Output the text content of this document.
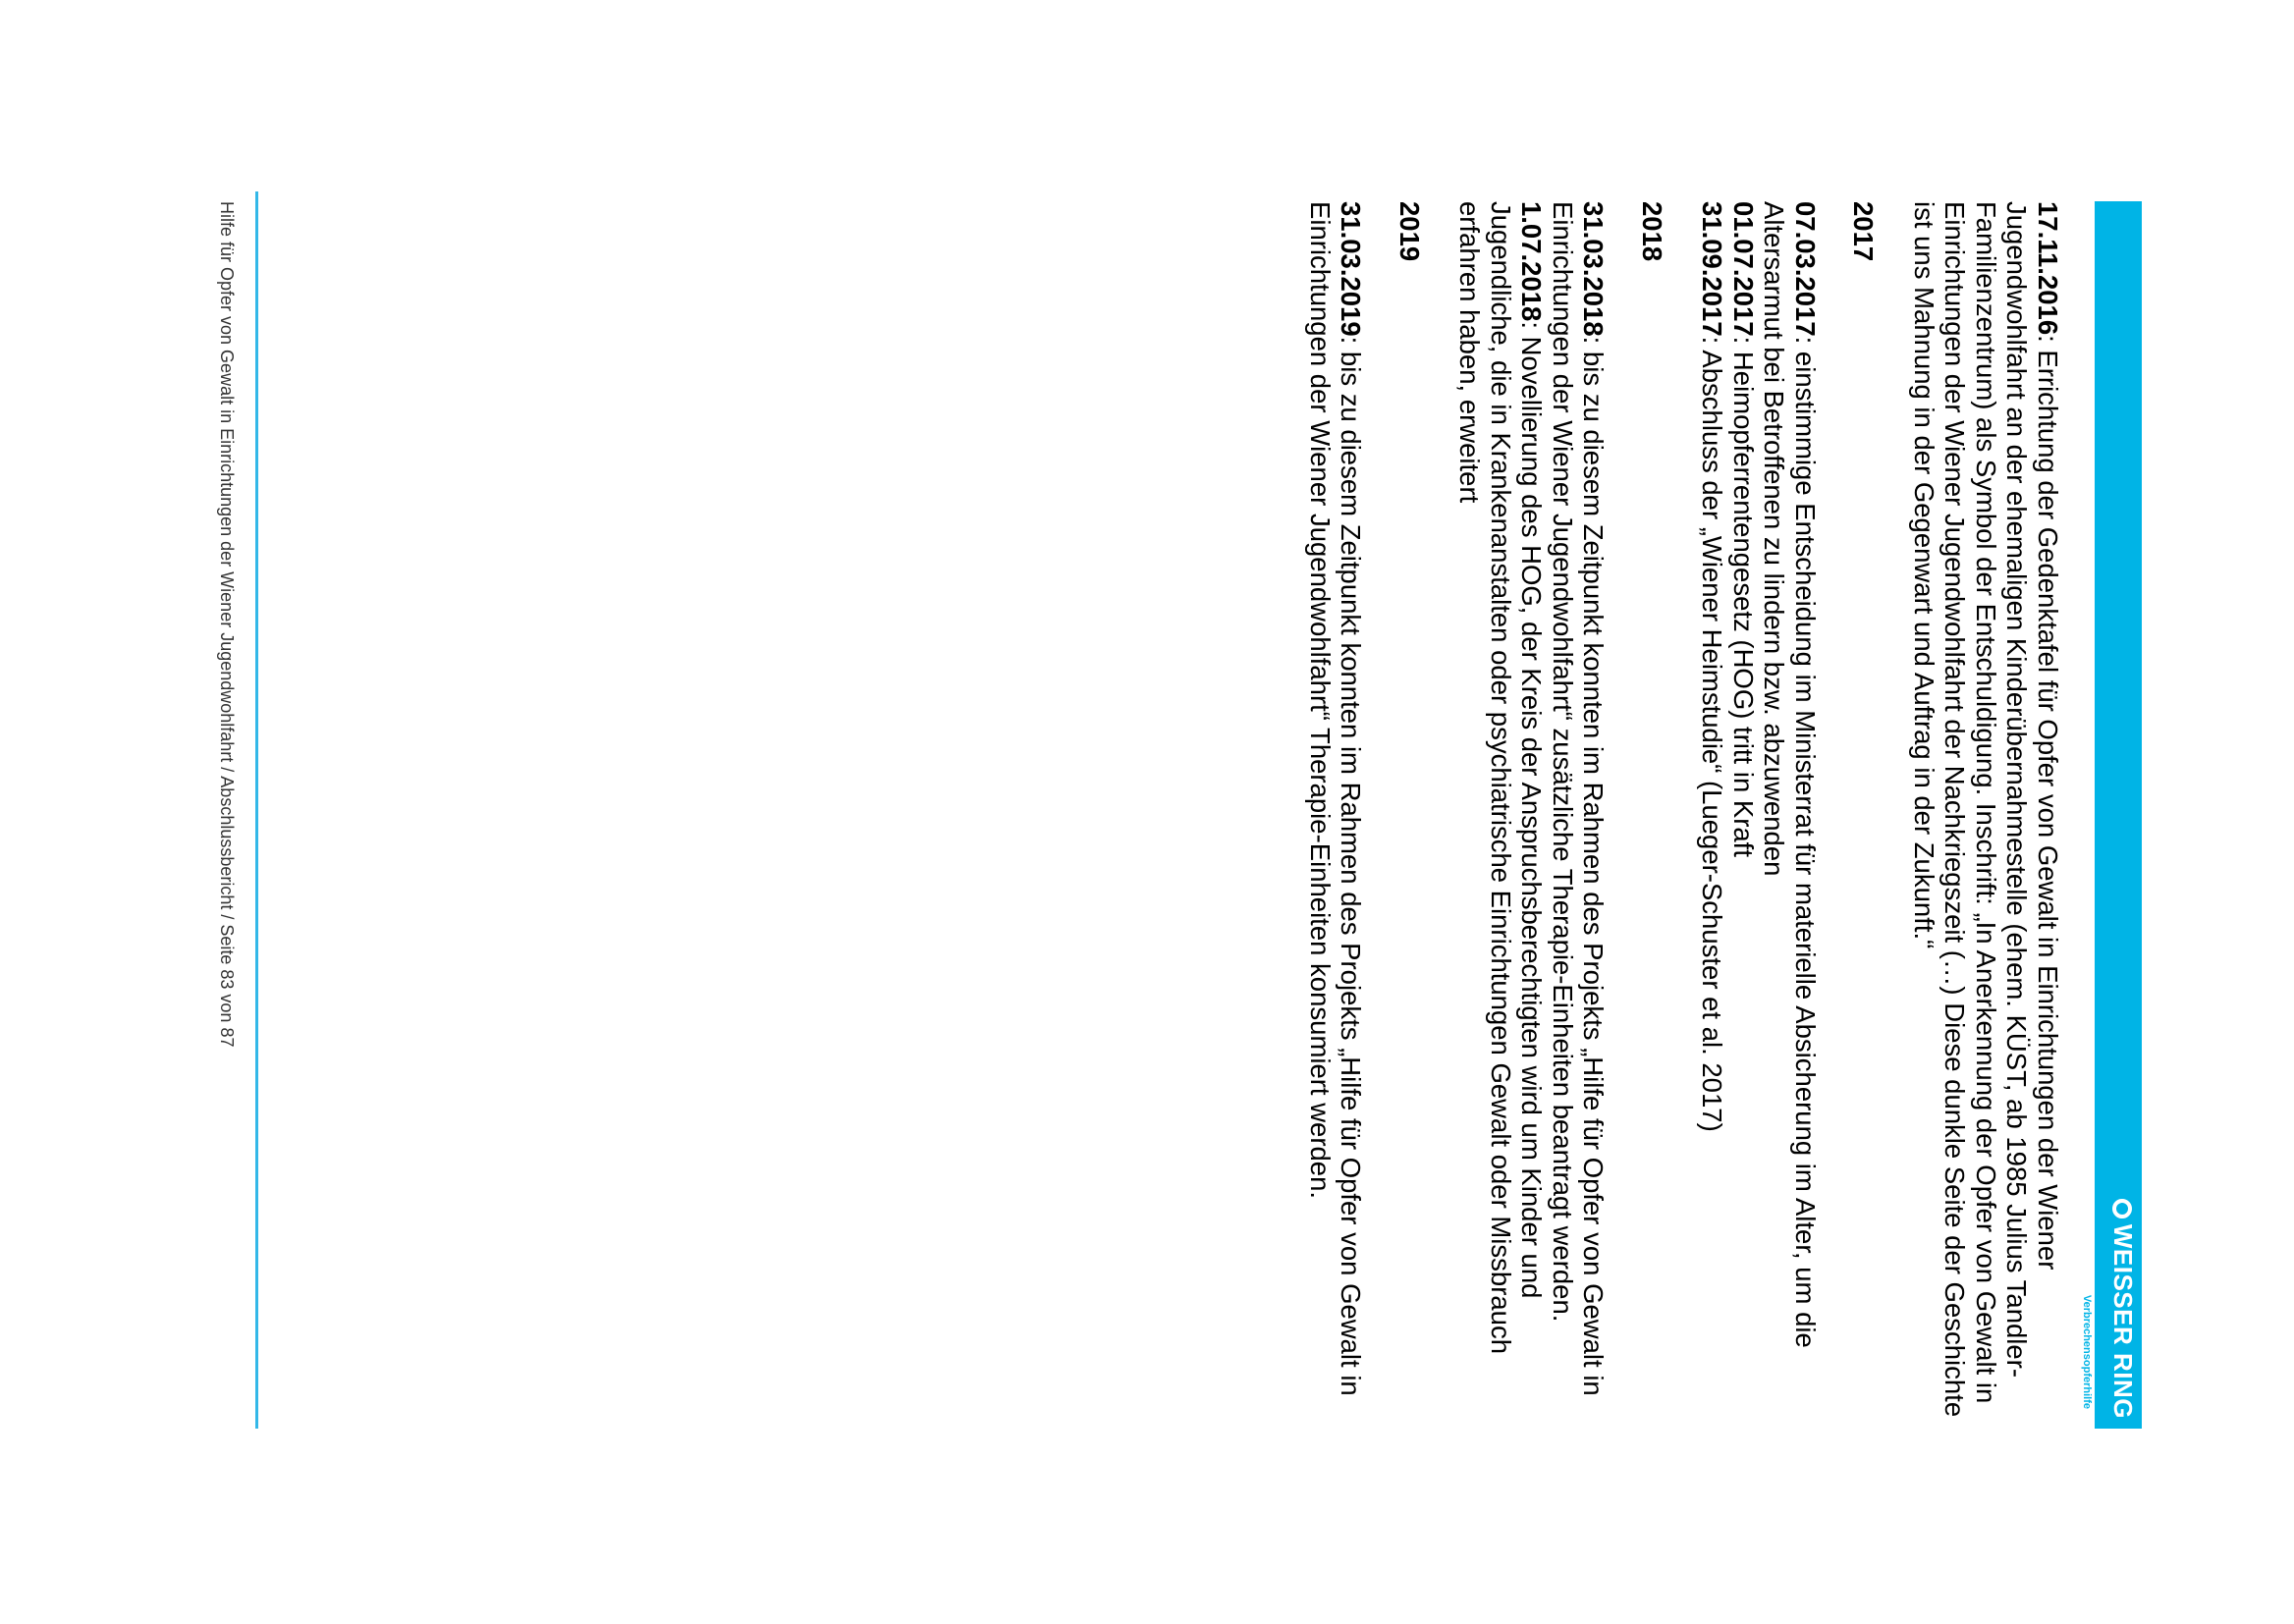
WEISSER RING
Verbrechensopferhilfe

17.11.2016: Errichtung der Gedenktafel für Opfer von Gewalt in Einrichtungen der Wiener Jugendwohlfahrt an der ehemaligen Kinderübernahmestelle (ehem. KÜST, ab 1985 Julius Tandler-Familienzentrum) als Symbol der Entschuldigung. Inschrift: „In Anerkennung der Opfer von Gewalt in Einrichtungen der Wiener Jugendwohlfahrt der Nachkriegszeit (…) Diese dunkle Seite der Geschichte ist uns Mahnung in der Gegenwart und Auftrag in der Zukunft.“

2017

07.03.2017: einstimmige Entscheidung im Ministerrat für materielle Absicherung im Alter, um die Altersarmut bei Betroffenen zu lindern bzw. abzuwenden

01.07.2017: Heimopferrentengesetz (HOG) tritt in Kraft

31.09.2017: Abschluss der „Wiener Heimstudie“ (Lueger-Schuster et al. 2017)

2018

31.03.2018: bis zu diesem Zeitpunkt konnten im Rahmen des Projekts „Hilfe für Opfer von Gewalt in Einrichtungen der Wiener Jugendwohlfahrt“ zusätzliche Therapie-Einheiten beantragt werden.

1.07.2018: Novellierung des HOG, der Kreis der Anspruchsberechtigten wird um Kinder und Jugendliche, die in Krankenanstalten oder psychiatrische Einrichtungen Gewalt oder Missbrauch erfahren haben, erweitert

2019

31.03.2019: bis zu diesem Zeitpunkt konnten im Rahmen des Projekts „Hilfe für Opfer von Gewalt in Einrichtungen der Wiener Jugendwohlfahrt“ Therapie-Einheiten konsumiert werden.

Hilfe für Opfer von Gewalt in Einrichtungen der Wiener Jugendwohlfahrt / Abschlussbericht / Seite 83 von 87
